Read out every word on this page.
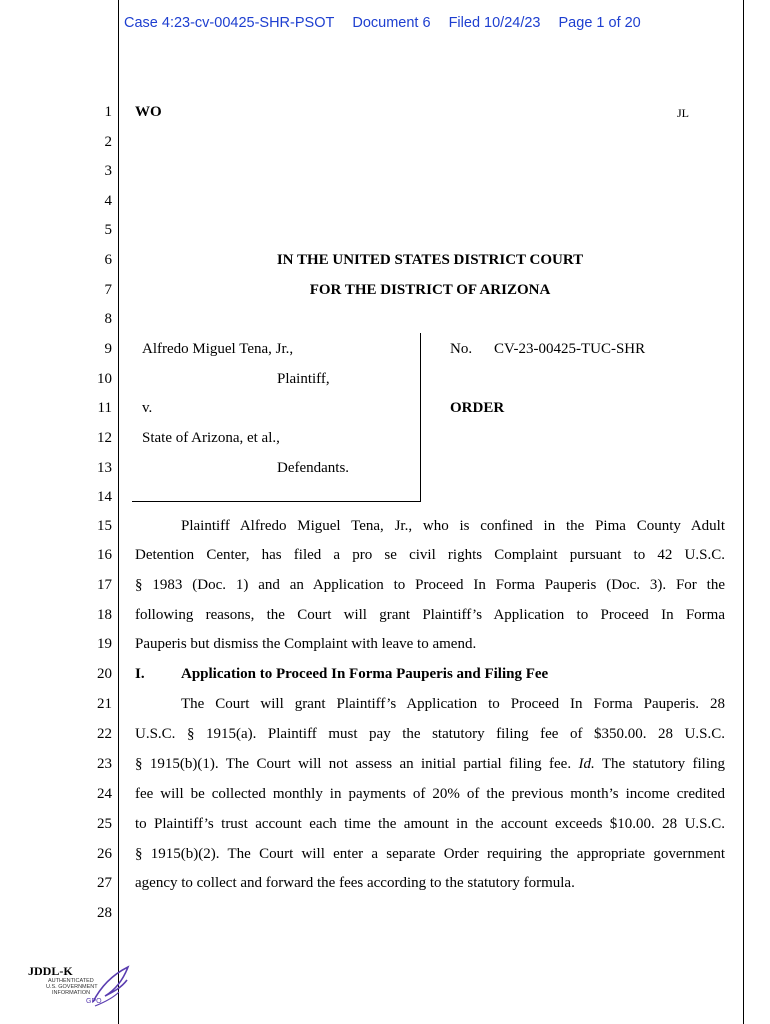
Case 4:23-cv-00425-SHR-PSOT Document 6 Filed 10/24/23 Page 1 of 20
1
2
3
4
5
6
7
8
9
10
11
12
13
14
15
16
17
18
19
20
21
22
23
24
25
26
27
28
WO	JL
IN THE UNITED STATES DISTRICT COURT
FOR THE DISTRICT OF ARIZONA
Alfredo Miguel Tena, Jr.,
Plaintiff,
v.
State of Arizona, et al.,
Defendants.
No. CV-23-00425-TUC-SHR
ORDER
Plaintiff Alfredo Miguel Tena, Jr., who is confined in the Pima County Adult
Detention Center, has filed a pro se civil rights Complaint pursuant to 42 U.S.C.
§ 1983 (Doc. 1) and an Application to Proceed In Forma Pauperis (Doc. 3). For the
following reasons, the Court will grant Plaintiff’s Application to Proceed In Forma
Pauperis but dismiss the Complaint with leave to amend.
I. Application to Proceed In Forma Pauperis and Filing Fee
The Court will grant Plaintiff’s Application to Proceed In Forma Pauperis. 28
U.S.C. § 1915(a). Plaintiff must pay the statutory filing fee of $350.00. 28 U.S.C.
§ 1915(b)(1). The Court will not assess an initial partial filing fee. Id. The statutory filing
fee will be collected monthly in payments of 20% of the previous month’s income credited
to Plaintiff’s trust account each time the amount in the account exceeds $10.00. 28 U.S.C.
§ 1915(b)(2). The Court will enter a separate Order requiring the appropriate government
agency to collect and forward the fees according to the statutory formula.
JDDL-K
AUTHENTICATED
U.S. GOVERNMENT
INFORMATION
GPO
